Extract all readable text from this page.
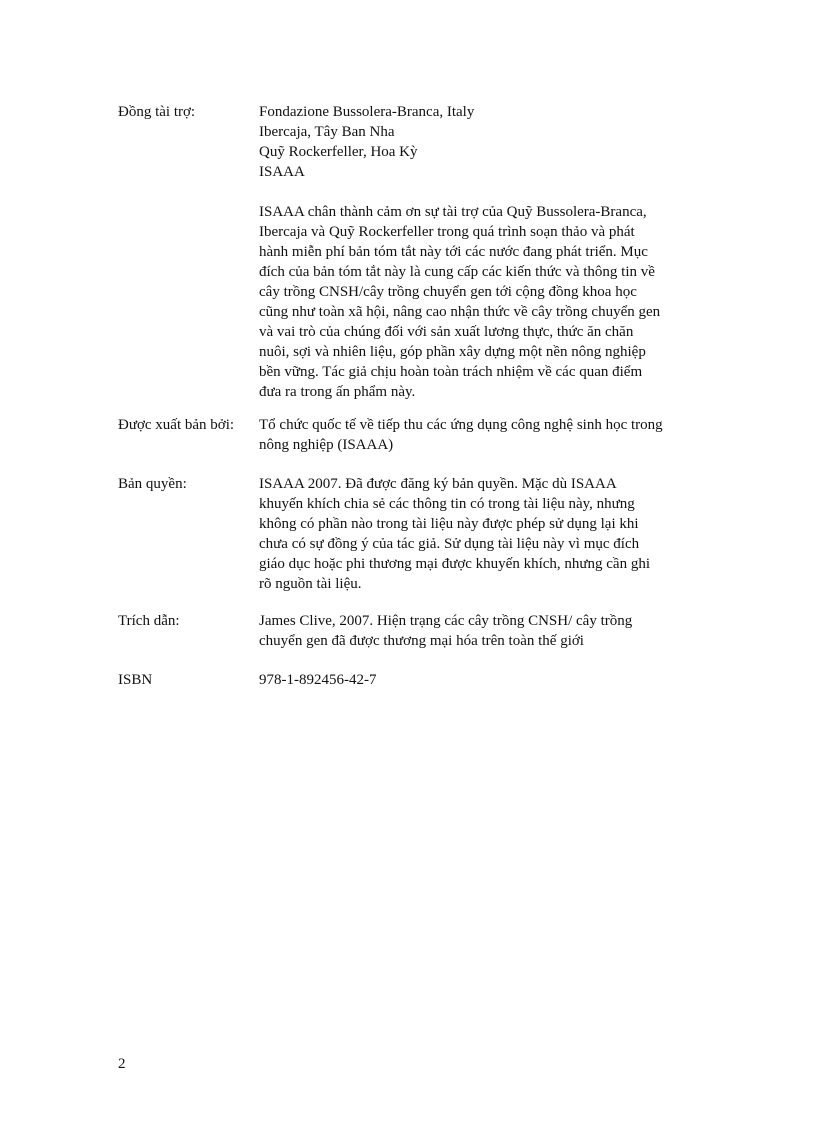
Đồng tài trợ:	Fondazione Bussolera-Branca, Italy
Ibercaja, Tây Ban Nha
Quỹ Rockerfeller, Hoa Kỳ
ISAAA
ISAAA chân thành cảm ơn sự tài trợ của Quỹ Bussolera-Branca,
Ibercaja và Quỹ Rockerfeller trong quá trình soạn thảo và phát
hành miễn phí bản tóm tắt này tới các nước đang phát triển. Mục
đích của bản tóm tắt này là cung cấp các kiến thức và thông tin về
cây trồng CNSH/cây trồng chuyển gen tới cộng đồng khoa học
cũng như toàn xã hội, nâng cao nhận thức về cây trồng chuyển gen
và vai trò của chúng đối với sản xuất lương thực, thức ăn chăn
nuôi, sợi và nhiên liệu, góp phần xây dựng một nền nông nghiệp
bền vững. Tác giả chịu hoàn toàn trách nhiệm về các quan điểm
đưa ra trong ấn phẩm này.
Được xuất bản bởi:	Tổ chức quốc tế về tiếp thu các ứng dụng công nghệ sinh học trong
nông nghiệp (ISAAA)
Bản quyền:	ISAAA 2007. Đã được đăng ký bản quyền. Mặc dù ISAAA
khuyến khích chia sẻ các thông tin có trong tài liệu này, nhưng
không có phần nào trong tài liệu này được phép sử dụng lại khi
chưa có sự đồng ý của tác giả. Sử dụng tài liệu này vì mục đích
giáo dục hoặc phi thương mại được khuyến khích, nhưng cần ghi
rõ nguồn tài liệu.
Trích dẫn:	James Clive, 2007. Hiện trạng các cây trồng CNSH/ cây trồng
chuyển gen đã được thương mại hóa trên toàn thế giới
ISBN	978-1-892456-42-7
2
